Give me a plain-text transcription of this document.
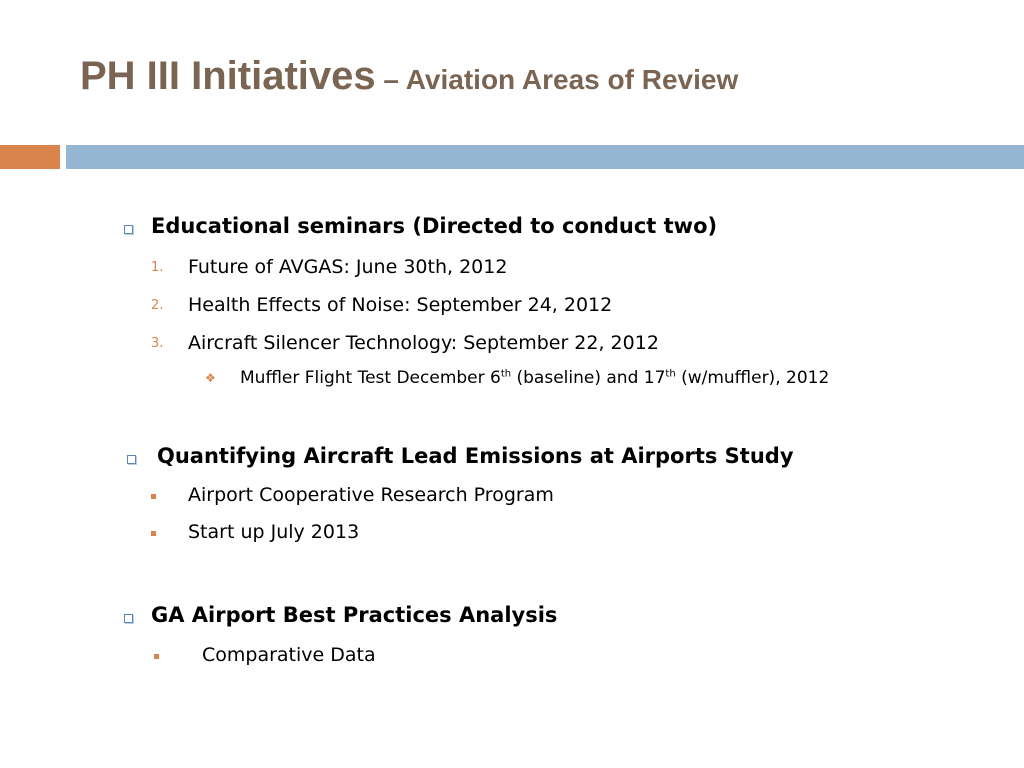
PH III Initiatives – Aviation Areas of Review
Educational seminars (Directed to conduct two)
1. Future of AVGAS: June 30th, 2012
2. Health Effects of Noise: September 24, 2012
3. Aircraft Silencer Technology: September 22, 2012
❖ Muffler Flight Test December 6th (baseline) and 17th (w/muffler), 2012
Quantifying Aircraft Lead Emissions at Airports Study
Airport Cooperative Research Program
Start up July 2013
GA Airport Best Practices Analysis
Comparative Data
